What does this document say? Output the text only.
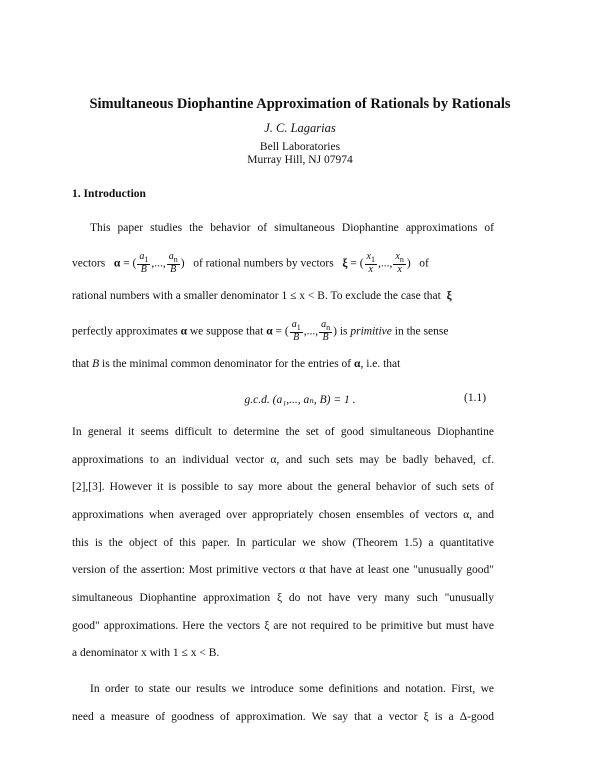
Simultaneous Diophantine Approximation of Rationals by Rationals
J. C. Lagarias
Bell Laboratories
Murray Hill, NJ 07974
1. Introduction
This paper studies the behavior of simultaneous Diophantine approximations of
vectors α = ( $\frac{a_1}{B}$ ,..., $\frac{a_n}{B}$ )   of rational numbers by vectors ξ = ( $\frac{x_1}{x}$ ,..., $\frac{x_n}{x}$ )   of
rational numbers with a smaller denominator 1 ≤ x < B. To exclude the case that ξ
perfectly approximates α we suppose that α = ( $\frac{a_1}{B}$ ,..., $\frac{a_n}{B}$ ) is primitive in the sense
that B is the minimal common denominator for the entries of α, i.e. that
g.c.d. (a₁,..., aₙ, B) = 1 .	(1.1)
In general it seems difficult to determine the set of good simultaneous Diophantine
approximations to an individual vector α, and such sets may be badly behaved, cf.
[2],[3]. However it is possible to say more about the general behavior of such sets of
approximations when averaged over appropriately chosen ensembles of vectors α, and
this is the object of this paper. In particular we show (Theorem 1.5) a quantitative
version of the assertion: Most primitive vectors α that have at least one "unusually good"
simultaneous Diophantine approximation ξ do not have very many such "unusually
good" approximations. Here the vectors ξ are not required to be primitive but must have
a denominator x with 1 ≤ x < B.
In order to state our results we introduce some definitions and notation. First, we
need a measure of goodness of approximation. We say that a vector ξ is a Δ-good
